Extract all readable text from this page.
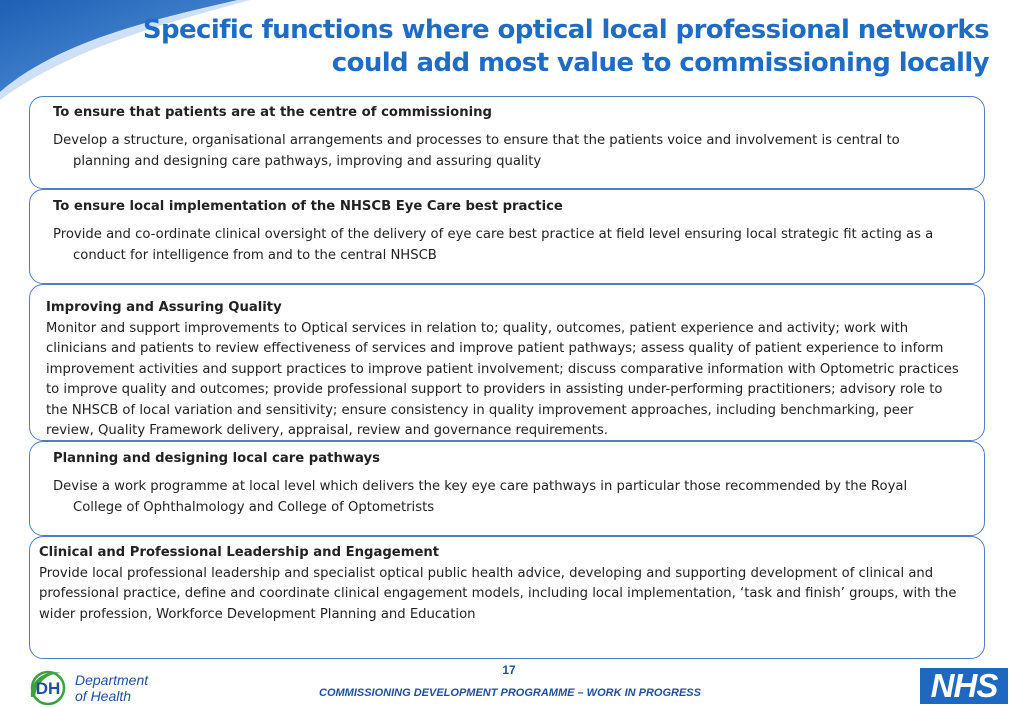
Specific functions where optical local professional networks
could add most value to commissioning locally
To ensure that patients are at the centre of commissioning
Develop a structure, organisational arrangements and processes to ensure that the patients voice and involvement is central to planning and designing care pathways, improving and assuring quality
To ensure local implementation of the NHSCB Eye Care best practice
Provide and co-ordinate clinical oversight of the delivery of eye care best practice at field level ensuring local strategic fit acting as a conduct for intelligence from and to the central NHSCB
Improving and Assuring Quality
Monitor and support improvements to Optical services in relation to; quality, outcomes, patient experience and activity; work with clinicians and patients to review effectiveness of services and improve patient pathways; assess quality of patient experience to inform improvement activities and support practices to improve patient involvement; discuss comparative information with Optometric practices to improve quality and outcomes; provide professional support to providers in assisting under-performing practitioners; advisory role to the NHSCB of local variation and sensitivity; ensure consistency in quality improvement approaches, including benchmarking, peer review, Quality Framework delivery, appraisal, review and governance requirements.
Planning and designing local care pathways
Devise a work programme at local level which delivers the key eye care pathways in particular those recommended by the Royal College of Ophthalmology and College of Optometrists
Clinical and Professional Leadership and Engagement
Provide local professional leadership and specialist optical public health advice, developing and supporting development of clinical and professional practice, define and coordinate clinical engagement models, including local implementation, ‘task and finish’ groups, with the wider profession, Workforce Development Planning and Education
17
COMMISSIONING DEVELOPMENT PROGRAMME – WORK IN PROGRESS
DH Department
of Health	NHS
